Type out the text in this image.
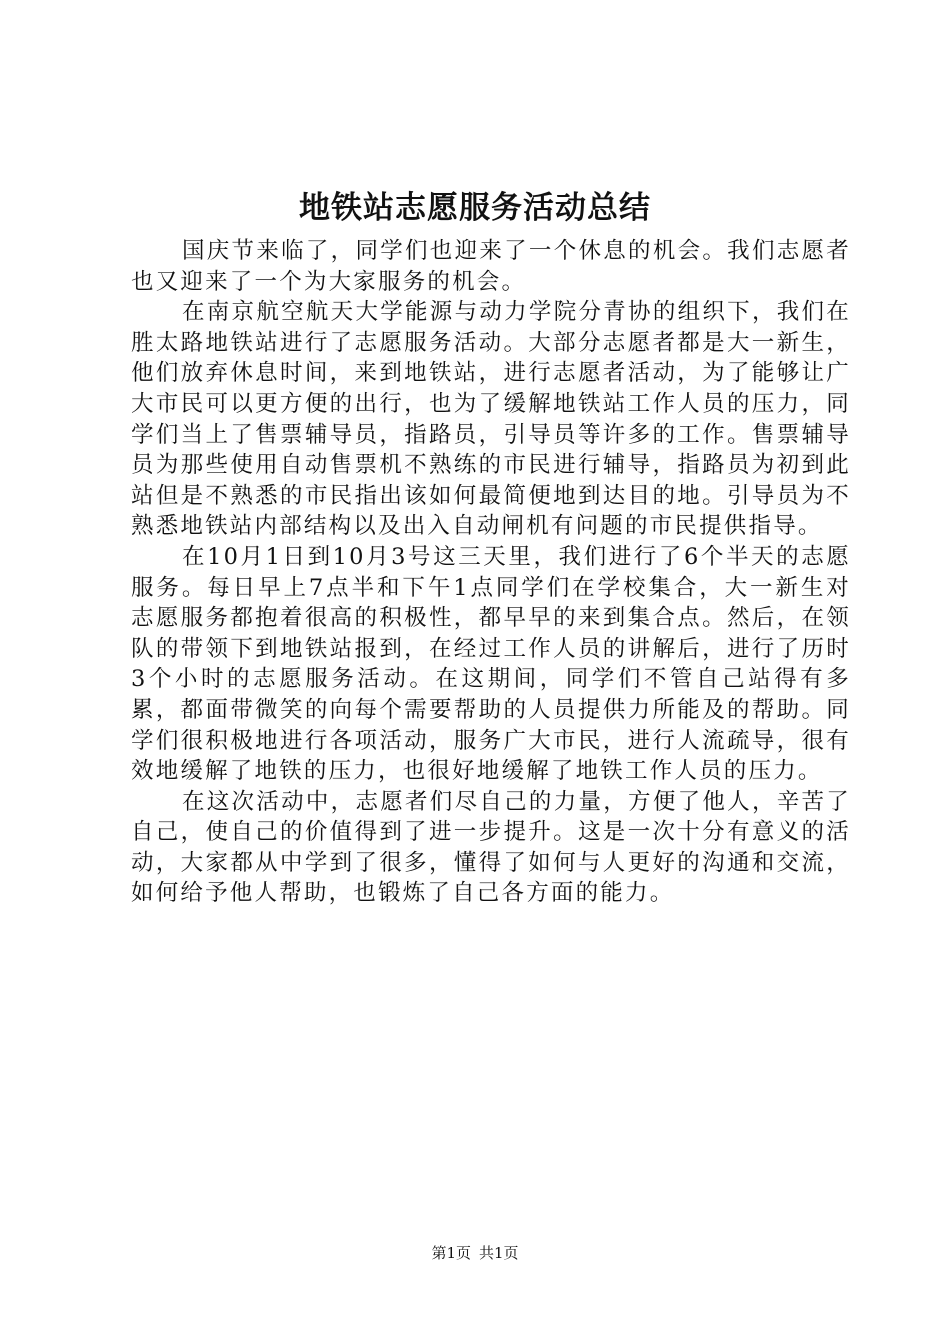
地铁站志愿服务活动总结

国庆节来临了，同学们也迎来了一个休息的机会。我们志愿者也又迎来了一个为大家服务的机会。

在南京航空航天大学能源与动力学院分青协的组织下，我们在胜太路地铁站进行了志愿服务活动。大部分志愿者都是大一新生，他们放弃休息时间，来到地铁站，进行志愿者活动，为了能够让广大市民可以更方便的出行，也为了缓解地铁站工作人员的压力，同学们当上了售票辅导员，指路员，引导员等许多的工作。售票辅导员为那些使用自动售票机不熟练的市民进行辅导，指路员为初到此站但是不熟悉的市民指出该如何最简便地到达目的地。引导员为不熟悉地铁站内部结构以及出入自动闸机有问题的市民提供指导。

在10月1日到10月3号这三天里，我们进行了6个半天的志愿服务。每日早上7点半和下午1点同学们在学校集合，大一新生对志愿服务都抱着很高的积极性，都早早的来到集合点。然后，在领队的带领下到地铁站报到，在经过工作人员的讲解后，进行了历时3个小时的志愿服务活动。在这期间，同学们不管自己站得有多累，都面带微笑的向每个需要帮助的人员提供力所能及的帮助。同学们很积极地进行各项活动，服务广大市民，进行人流疏导，很有效地缓解了地铁的压力，也很好地缓解了地铁工作人员的压力。

在这次活动中，志愿者们尽自己的力量，方便了他人，辛苦了自己，使自己的价值得到了进一步提升。这是一次十分有意义的活动，大家都从中学到了很多，懂得了如何与人更好的沟通和交流，如何给予他人帮助，也锻炼了自己各方面的能力。

第1页 共1页
